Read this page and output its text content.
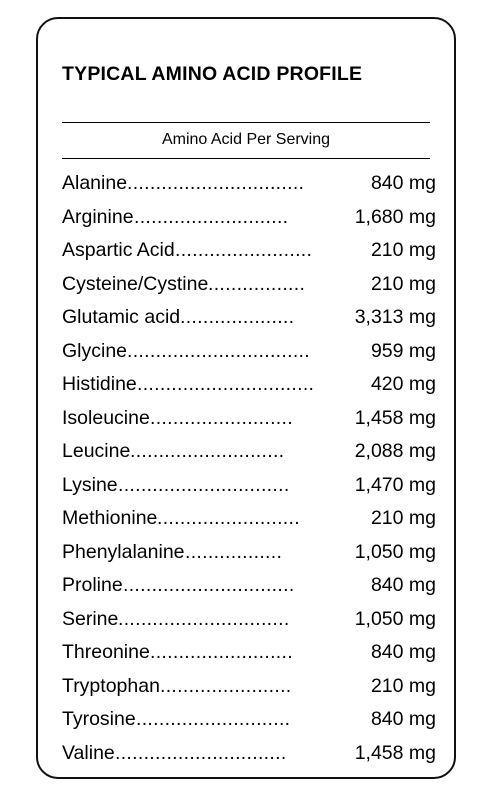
TYPICAL AMINO ACID PROFILE
Amino Acid Per Serving
Alanine ...............................	840 mg
Arginine ...........................	1,680 mg
Aspartic Acid ........................	210 mg
Cysteine/Cystine .................	210 mg
Glutamic acid ....................	3,313 mg
Glycine ................................	959 mg
Histidine ...............................	420 mg
Isoleucine .........................	1,458 mg
Leucine ...........................	2,088 mg
Lysine ..............................	1,470 mg
Methionine .........................	210 mg
Phenylalanine .................	1,050 mg
Proline ..............................	840 mg
Serine ..............................	1,050 mg
Threonine .........................	840 mg
Tryptophan .......................	210 mg
Tyrosine ...........................	840 mg
Valine ..............................	1,458 mg
